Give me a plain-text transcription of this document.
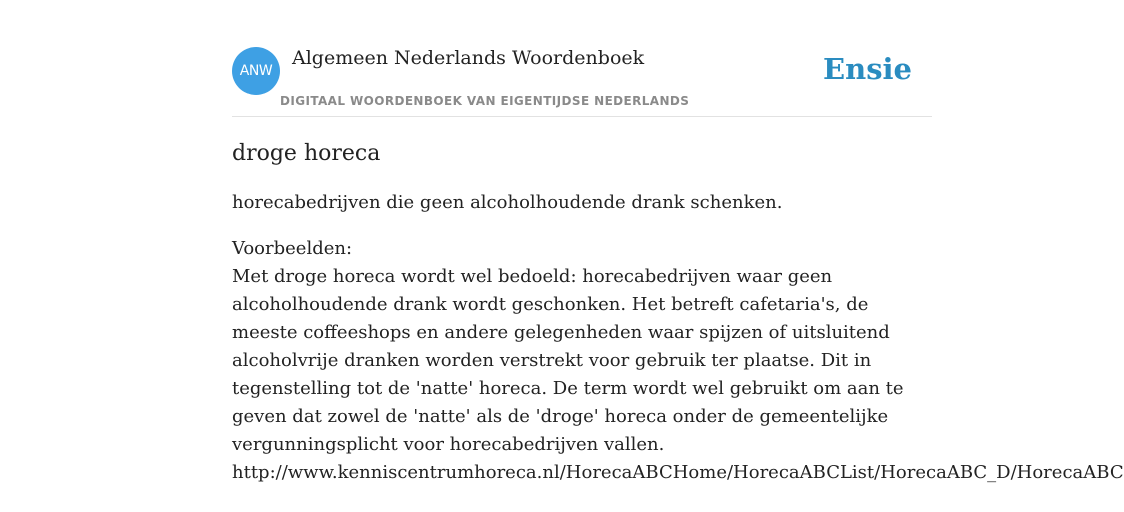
ANW
Algemeen Nederlands Woordenboek
DIGITAAL WOORDENBOEK VAN EIGENTIJDSE NEDERLANDS
Ensie
droge horeca

horecabedrijven die geen alcoholhoudende drank schenken.

Voorbeelden:
Met droge horeca wordt wel bedoeld: horecabedrijven waar geen alcoholhoudende drank wordt geschonken. Het betreft cafetaria's, de meeste coffeeshops en andere gelegenheden waar spijzen of uitsluitend alcoholvrije dranken worden verstrekt voor gebruik ter plaatse. Dit in tegenstelling tot de 'natte' horeca. De term wordt wel gebruikt om aan te geven dat zowel de 'natte' als de 'droge' horeca onder de gemeentelijke vergunningsplicht voor horecabedrijven vallen.
http://www.kenniscentrumhoreca.nl/HorecaABCHome/HorecaABCList/HorecaABC_D/HorecaABC
